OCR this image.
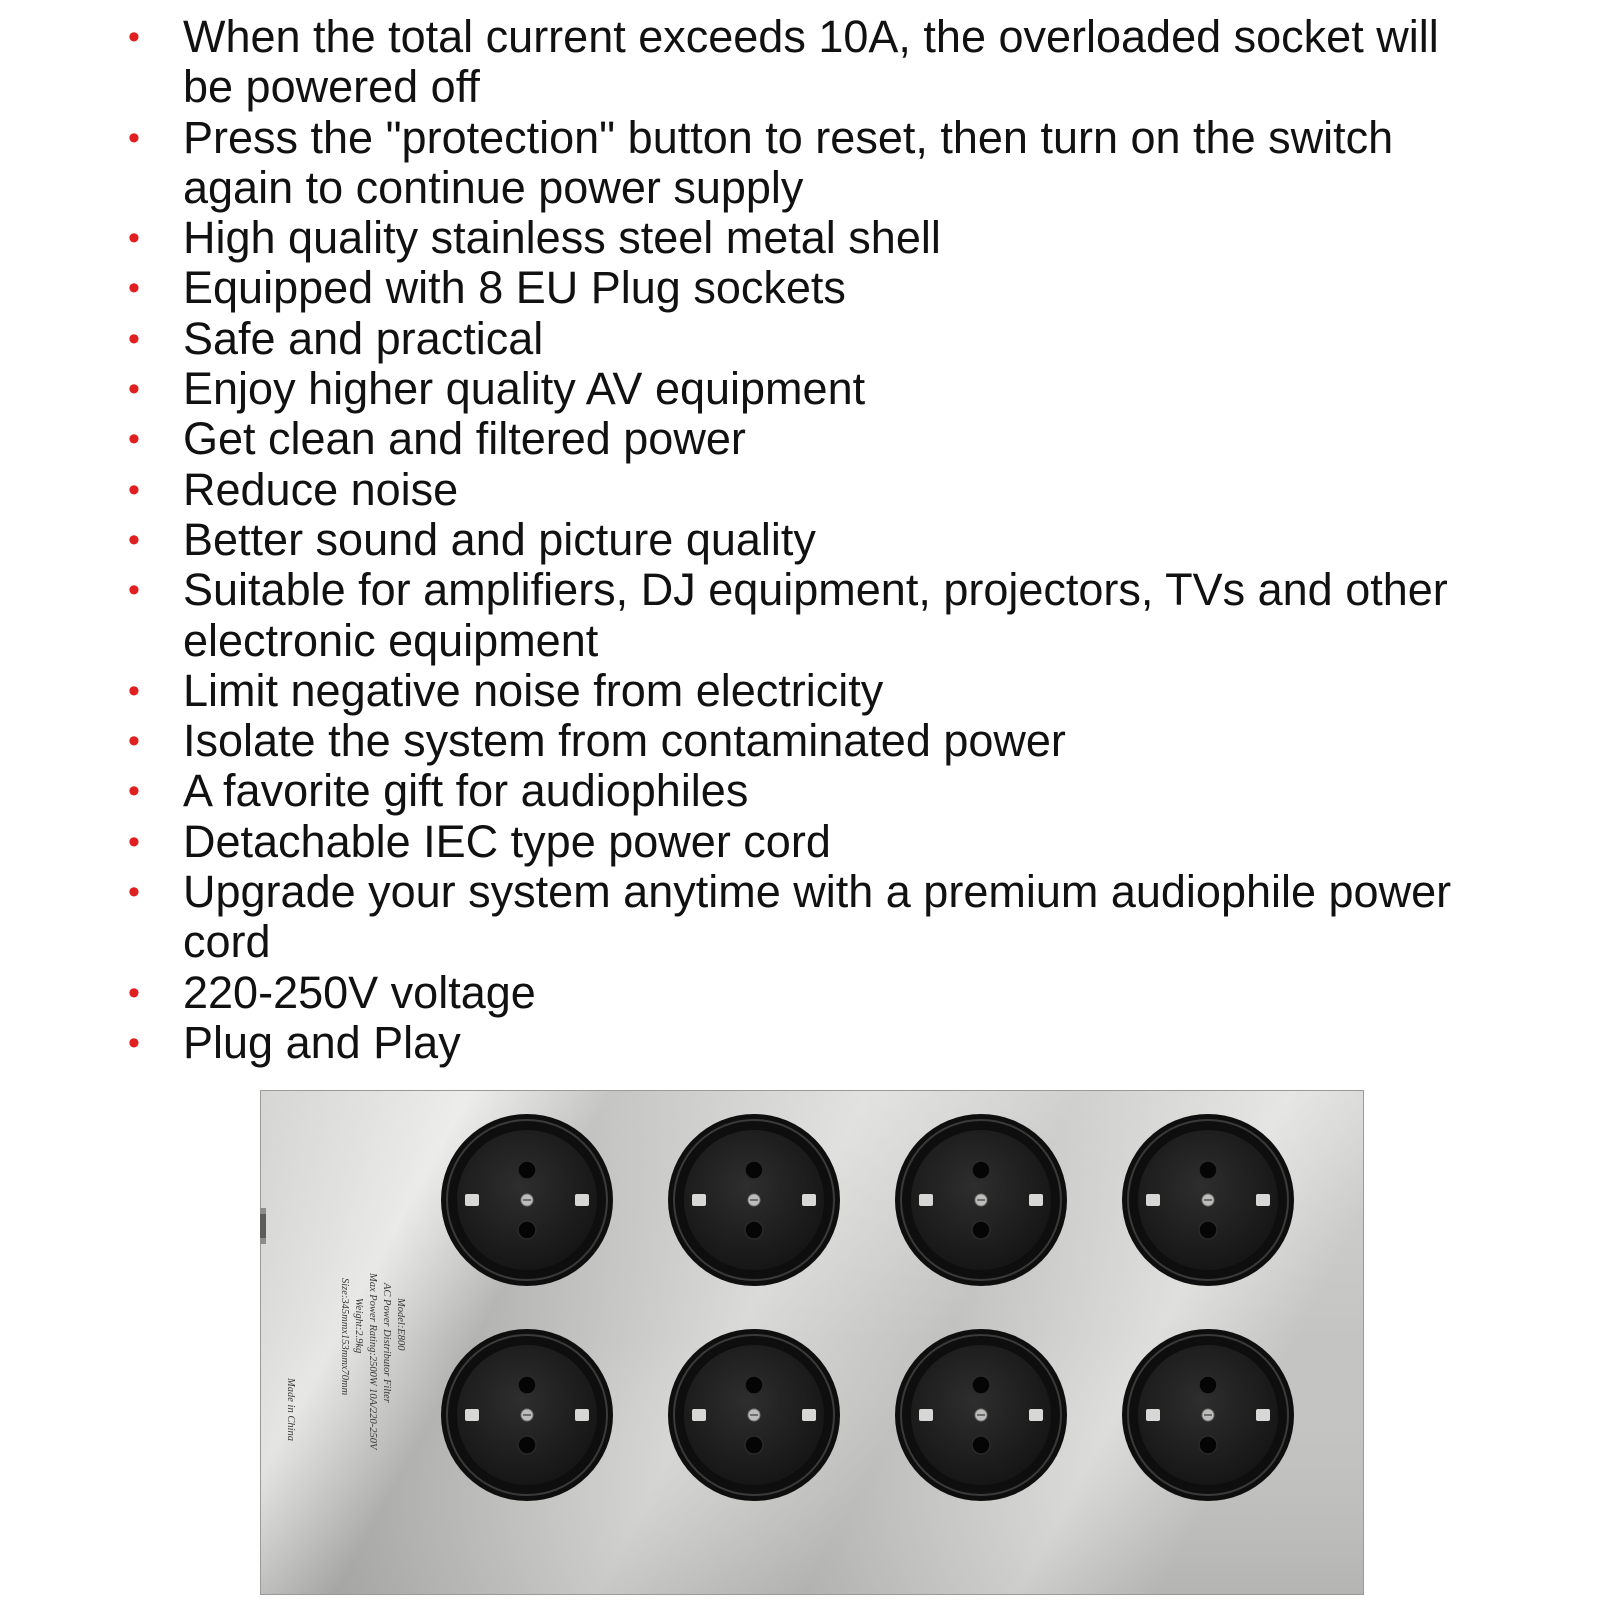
• When the total current exceeds 10A, the overloaded socket will be powered off
• Press the "protection" button to reset, then turn on the switch again to continue power supply
• High quality stainless steel metal shell
• Equipped with 8 EU Plug sockets
• Safe and practical
• Enjoy higher quality AV equipment
• Get clean and filtered power
• Reduce noise
• Better sound and picture quality
• Suitable for amplifiers, DJ equipment, projectors, TVs and other electronic equipment
• Limit negative noise from electricity
• Isolate the system from contaminated power
• A favorite gift for audiophiles
• Detachable IEC type power cord
• Upgrade your system anytime with a premium audiophile power cord
• 220-250V voltage
• Plug and Play
Model:E800
AC Power Distributor Filter
Max Power Rating:2500W 10A/220-250V
Weight:2.9kg
Size:345mmx153mmx70mm
Made in China
